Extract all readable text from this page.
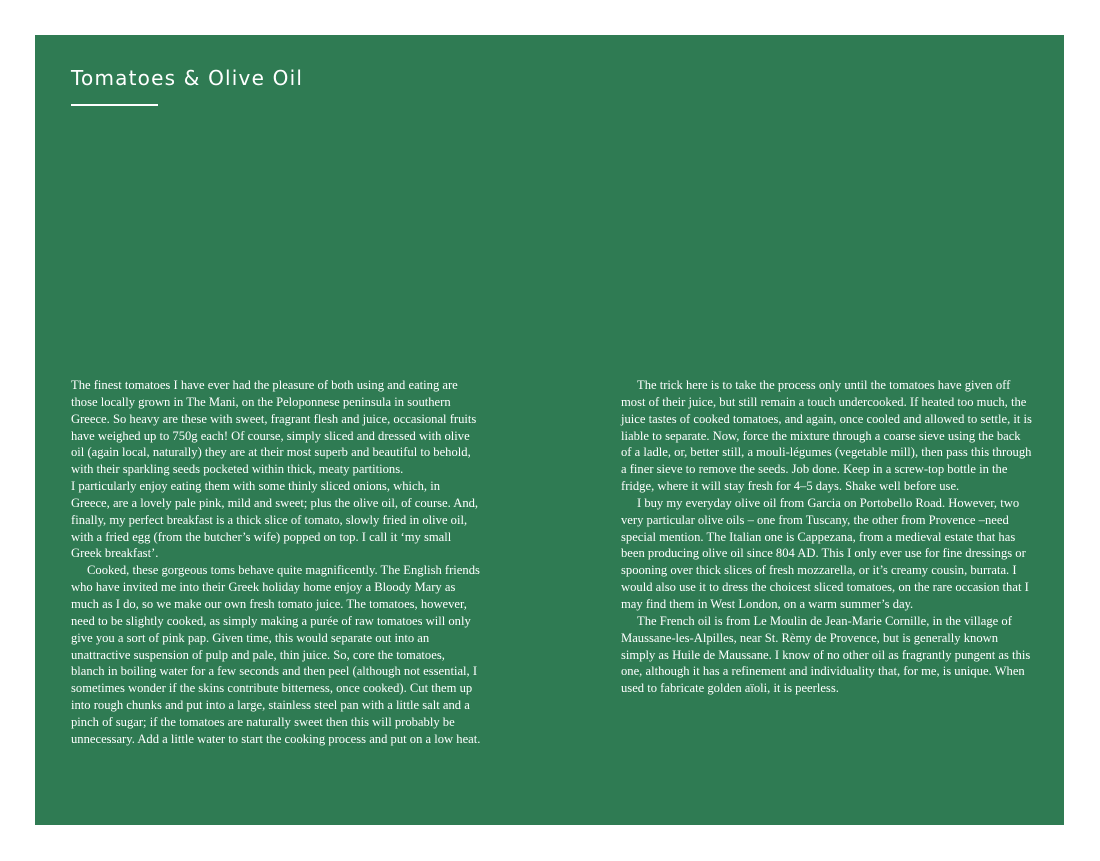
Tomatoes & Olive Oil

The finest tomatoes I have ever had the pleasure of both using and eating are those locally grown in The Mani, on the Peloponnese peninsula in southern Greece. So heavy are these with sweet, fragrant flesh and juice, occasional fruits have weighed up to 750g each! Of course, simply sliced and dressed with olive oil (again local, naturally) they are at their most superb and beautiful to behold, with their sparkling seeds pocketed within thick, meaty partitions.

I particularly enjoy eating them with some thinly sliced onions, which, in Greece, are a lovely pale pink, mild and sweet; plus the olive oil, of course. And, finally, my perfect breakfast is a thick slice of tomato, slowly fried in olive oil, with a fried egg (from the butcher’s wife) popped on top. I call it ‘my small Greek breakfast’.

Cooked, these gorgeous toms behave quite magnificently. The English friends who have invited me into their Greek holiday home enjoy a Bloody Mary as much as I do, so we make our own fresh tomato juice. The tomatoes, however, need to be slightly cooked, as simply making a purée of raw tomatoes will only give you a sort of pink pap. Given time, this would separate out into an unattractive suspension of pulp and pale, thin juice. So, core the tomatoes, blanch in boiling water for a few seconds and then peel (although not essential, I sometimes wonder if the skins contribute bitterness, once cooked). Cut them up into rough chunks and put into a large, stainless steel pan with a little salt and a pinch of sugar; if the tomatoes are naturally sweet then this will probably be unnecessary. Add a little water to start the cooking process and put on a low heat.

The trick here is to take the process only until the tomatoes have given off most of their juice, but still remain a touch undercooked. If heated too much, the juice tastes of cooked tomatoes, and again, once cooled and allowed to settle, it is liable to separate. Now, force the mixture through a coarse sieve using the back of a ladle, or, better still, a mouli-légumes (vegetable mill), then pass this through a finer sieve to remove the seeds. Job done. Keep in a screw-top bottle in the fridge, where it will stay fresh for 4–5 days. Shake well before use.

I buy my everyday olive oil from Garcia on Portobello Road. However, two very particular olive oils – one from Tuscany, the other from Provence –need special mention. The Italian one is Cappezana, from a medieval estate that has been producing olive oil since 804 AD. This I only ever use for fine dressings or spooning over thick slices of fresh mozzarella, or it’s creamy cousin, burrata. I would also use it to dress the choicest sliced tomatoes, on the rare occasion that I may find them in West London, on a warm summer’s day.

The French oil is from Le Moulin de Jean-Marie Cornille, in the village of Maussane-les-Alpilles, near St. Rèmy de Provence, but is generally known simply as Huile de Maussane. I know of no other oil as fragrantly pungent as this one, although it has a refinement and individuality that, for me, is unique. When used to fabricate golden aïoli, it is peerless.
